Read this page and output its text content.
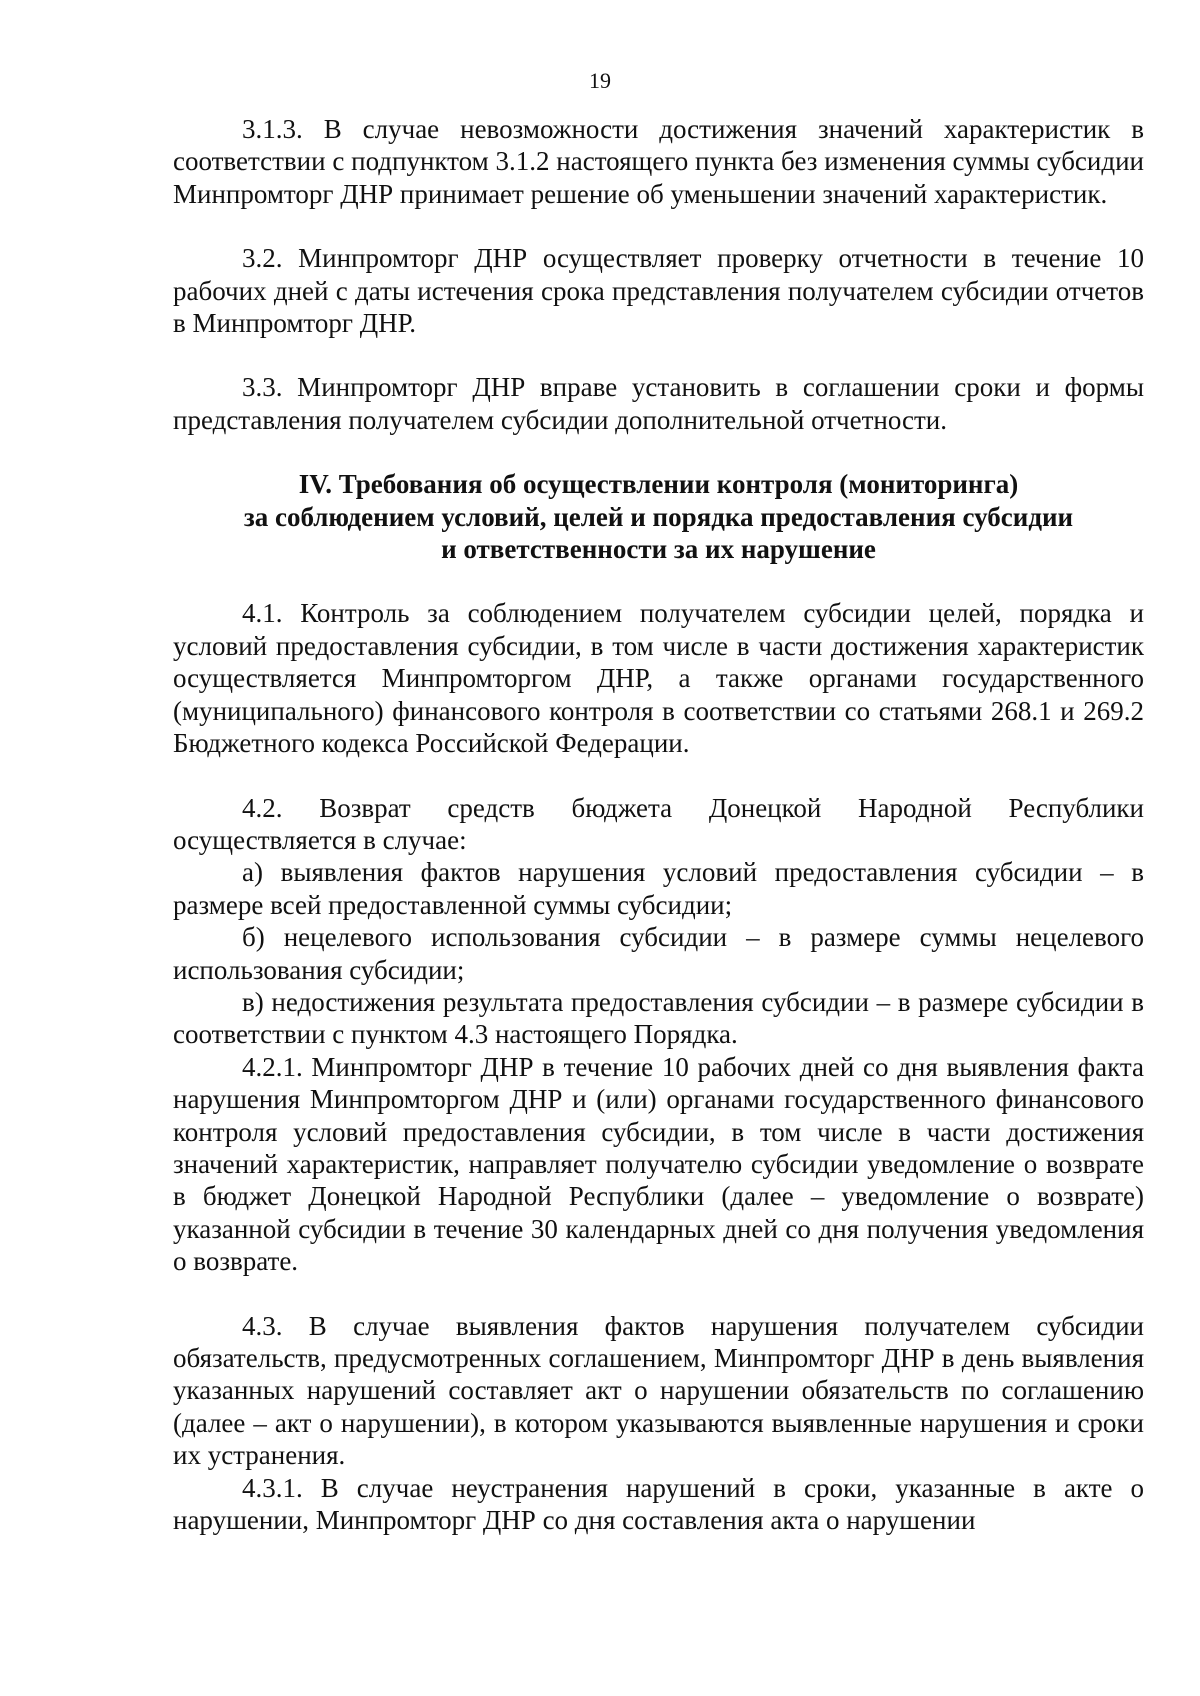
19

3.1.3. В случае невозможности достижения значений характеристик в соответствии с подпунктом 3.1.2 настоящего пункта без изменения суммы субсидии Минпромторг ДНР принимает решение об уменьшении значений характеристик.

3.2. Минпромторг ДНР осуществляет проверку отчетности в течение 10 рабочих дней с даты истечения срока представления получателем субсидии отчетов в Минпромторг ДНР.

3.3. Минпромторг ДНР вправе установить в соглашении сроки и формы представления получателем субсидии дополнительной отчетности.

IV. Требования об осуществлении контроля (мониторинга)
за соблюдением условий, целей и порядка предоставления субсидии
и ответственности за их нарушение

4.1. Контроль за соблюдением получателем субсидии целей, порядка и условий предоставления субсидии, в том числе в части достижения характеристик осуществляется Минпромторгом ДНР, а также органами государственного (муниципального) финансового контроля в соответствии со статьями 268.1 и 269.2 Бюджетного кодекса Российской Федерации.

4.2. Возврат средств бюджета Донецкой Народной Республики осуществляется в случае:

а) выявления фактов нарушения условий предоставления субсидии – в размере всей предоставленной суммы субсидии;

б) нецелевого использования субсидии – в размере суммы нецелевого использования субсидии;

в) недостижения результата предоставления субсидии – в размере субсидии в соответствии с пунктом 4.3 настоящего Порядка.

4.2.1. Минпромторг ДНР в течение 10 рабочих дней со дня выявления факта нарушения Минпромторгом ДНР и (или) органами государственного финансового контроля условий предоставления субсидии, в том числе в части достижения значений характеристик, направляет получателю субсидии уведомление о возврате в бюджет Донецкой Народной Республики (далее – уведомление о возврате) указанной субсидии в течение 30 календарных дней со дня получения уведомления о возврате.

4.3. В случае выявления фактов нарушения получателем субсидии обязательств, предусмотренных соглашением, Минпромторг ДНР в день выявления указанных нарушений составляет акт о нарушении обязательств по соглашению (далее – акт о нарушении), в котором указываются выявленные нарушения и сроки их устранения.

4.3.1. В случае неустранения нарушений в сроки, указанные в акте о нарушении, Минпромторг ДНР со дня составления акта о нарушении
